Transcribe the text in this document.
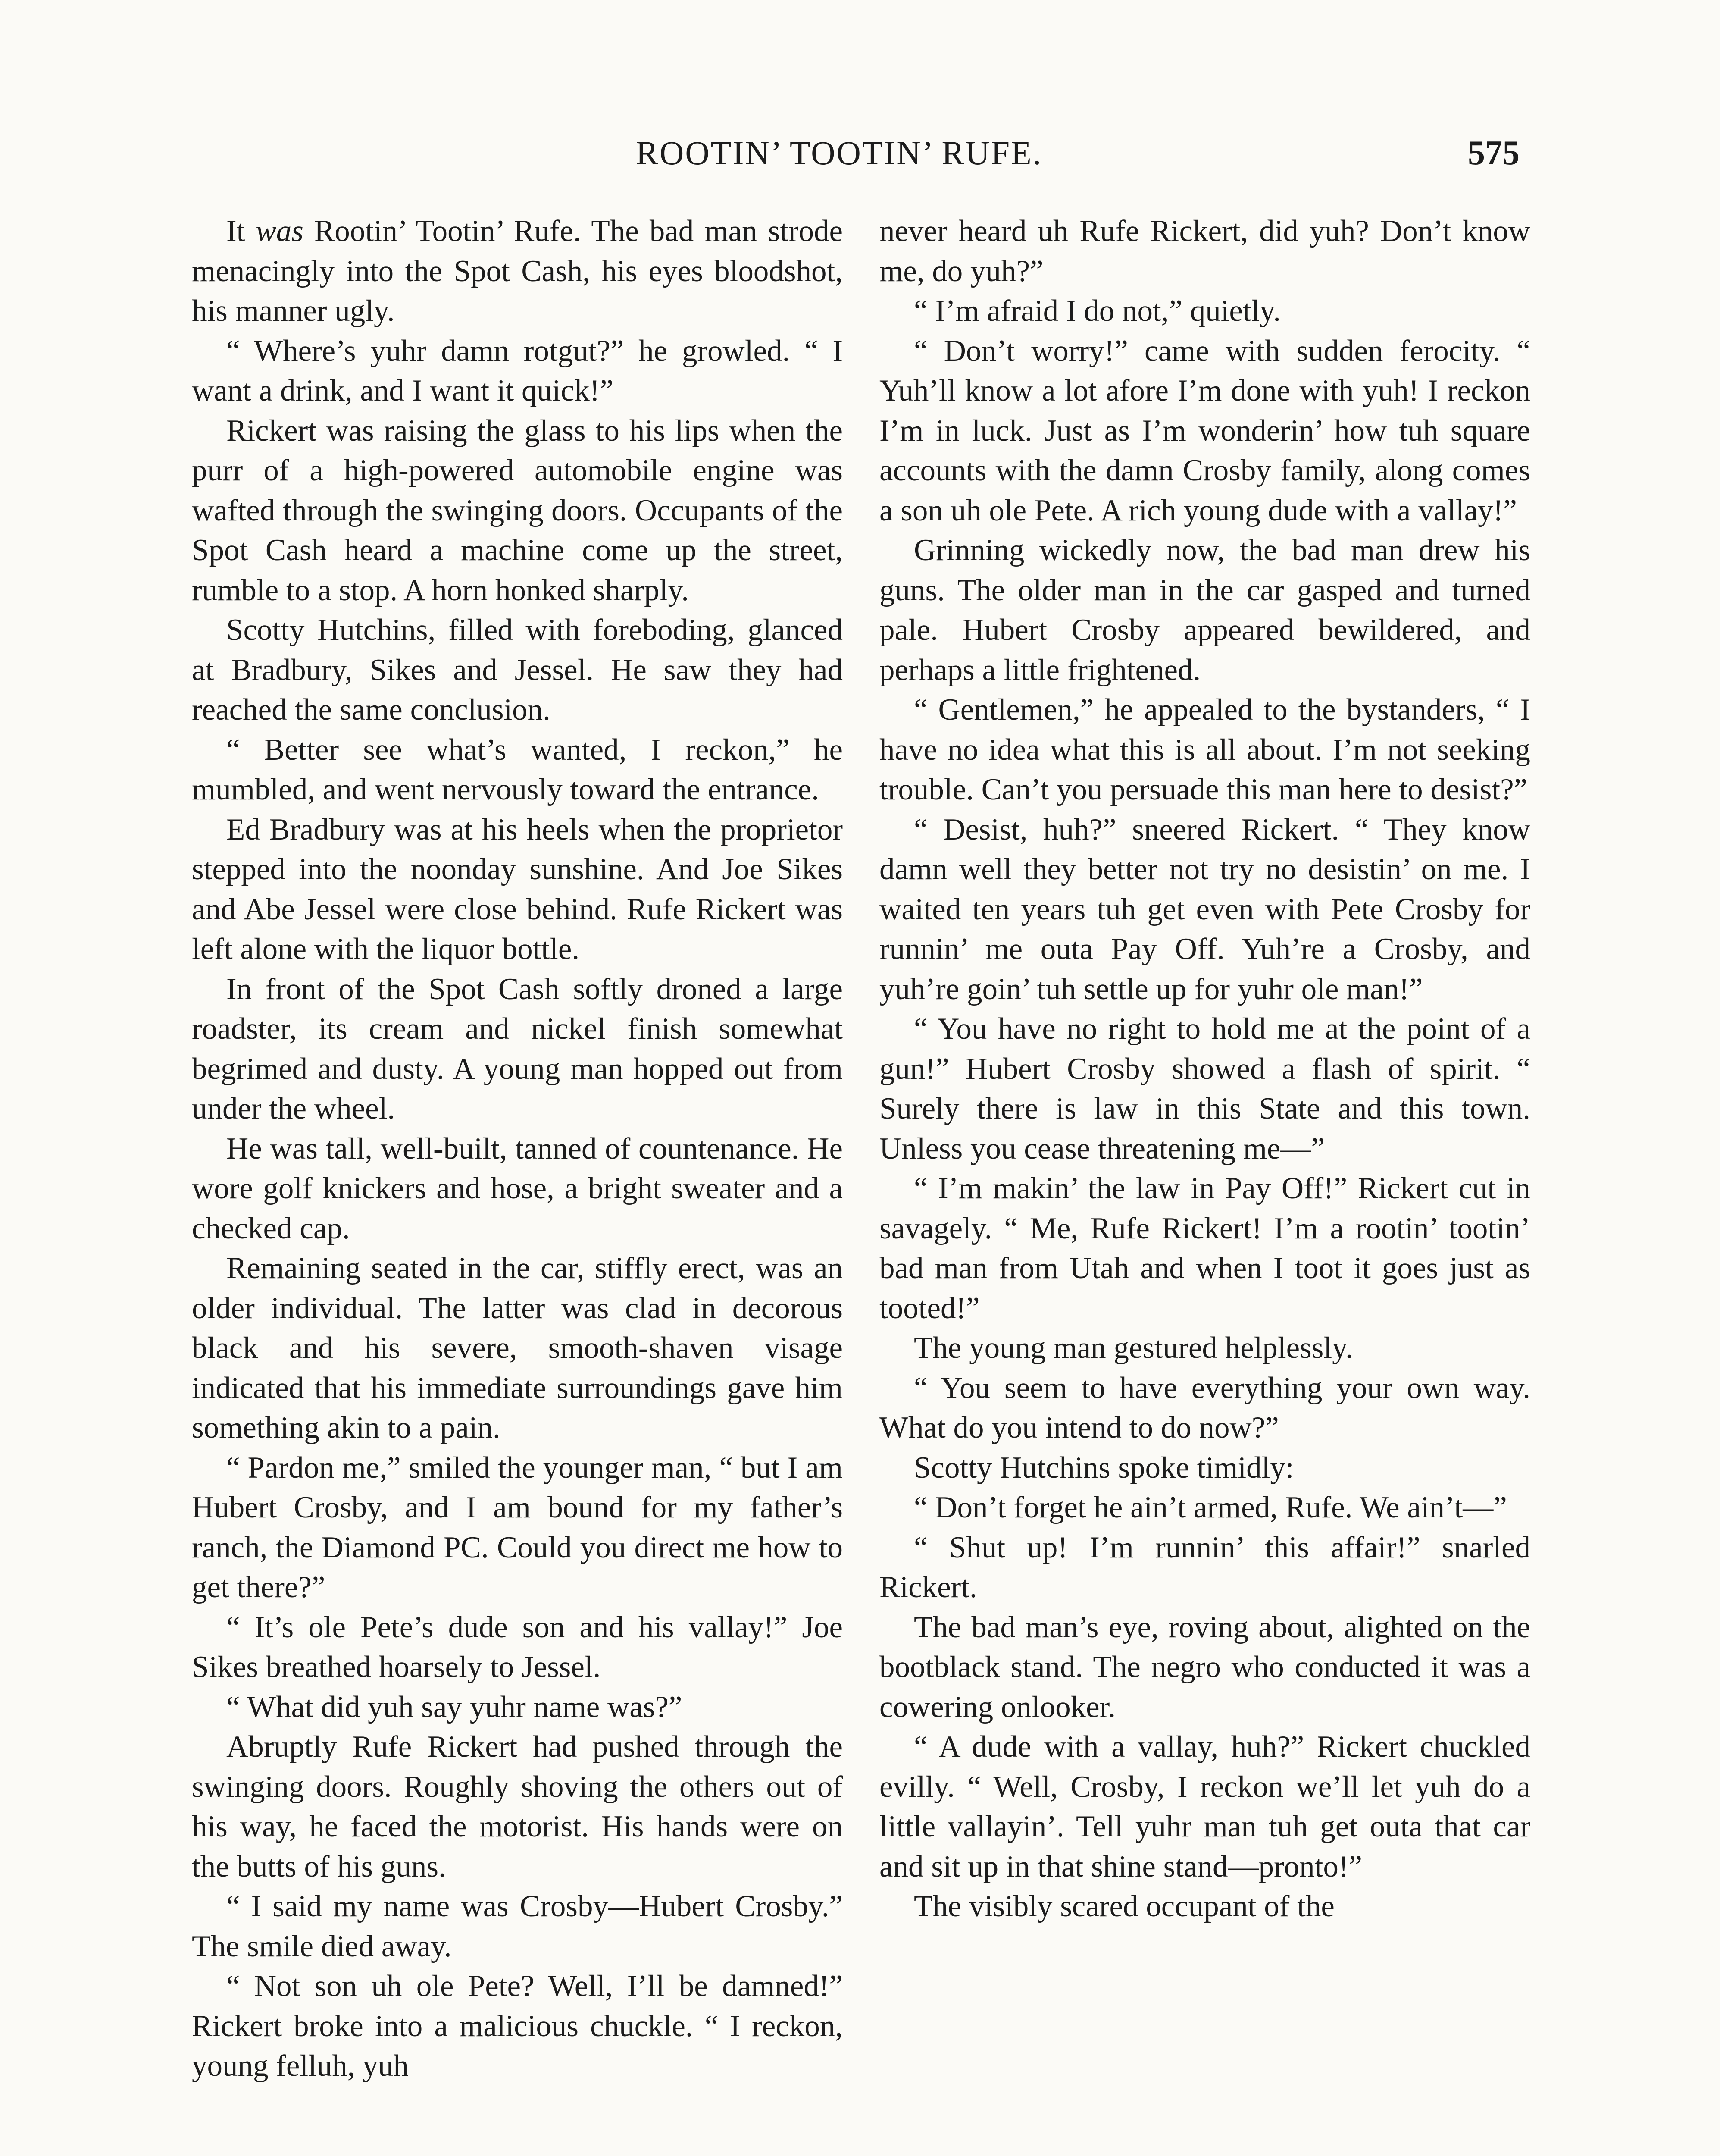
ROOTIN’ TOOTIN’ RUFE.	575

It was Rootin’ Tootin’ Rufe. The bad man strode menacingly into the Spot Cash, his eyes bloodshot, his manner ugly.

“ Where’s yuhr damn rotgut?” he growled. “ I want a drink, and I want it quick!”

Rickert was raising the glass to his lips when the purr of a high-powered automobile engine was wafted through the swinging doors. Occupants of the Spot Cash heard a machine come up the street, rumble to a stop. A horn honked sharply.

Scotty Hutchins, filled with foreboding, glanced at Bradbury, Sikes and Jessel. He saw they had reached the same conclusion.

“ Better see what’s wanted, I reckon,” he mumbled, and went nervously toward the entrance.

Ed Bradbury was at his heels when the proprietor stepped into the noonday sunshine. And Joe Sikes and Abe Jessel were close behind. Rufe Rickert was left alone with the liquor bottle.

In front of the Spot Cash softly droned a large roadster, its cream and nickel finish somewhat begrimed and dusty. A young man hopped out from under the wheel.

He was tall, well-built, tanned of countenance. He wore golf knickers and hose, a bright sweater and a checked cap.

Remaining seated in the car, stiffly erect, was an older individual. The latter was clad in decorous black and his severe, smooth-shaven visage indicated that his immediate surroundings gave him something akin to a pain.

“ Pardon me,” smiled the younger man, “ but I am Hubert Crosby, and I am bound for my father’s ranch, the Diamond PC. Could you direct me how to get there?”

“ It’s ole Pete’s dude son and his vallay!” Joe Sikes breathed hoarsely to Jessel.

“ What did yuh say yuhr name was?”

Abruptly Rufe Rickert had pushed through the swinging doors. Roughly shoving the others out of his way, he faced the motorist. His hands were on the butts of his guns.

“ I said my name was Crosby—Hubert Crosby.” The smile died away.

“ Not son uh ole Pete? Well, I’ll be damned!” Rickert broke into a malicious chuckle. “ I reckon, young felluh, yuh

never heard uh Rufe Rickert, did yuh? Don’t know me, do yuh?”

“ I’m afraid I do not,” quietly.

“ Don’t worry!” came with sudden ferocity. “ Yuh’ll know a lot afore I’m done with yuh! I reckon I’m in luck. Just as I’m wonderin’ how tuh square accounts with the damn Crosby family, along comes a son uh ole Pete. A rich young dude with a vallay!”

Grinning wickedly now, the bad man drew his guns. The older man in the car gasped and turned pale. Hubert Crosby appeared bewildered, and perhaps a little frightened.

“ Gentlemen,” he appealed to the bystanders, “ I have no idea what this is all about. I’m not seeking trouble. Can’t you persuade this man here to desist?”

“ Desist, huh?” sneered Rickert. “ They know damn well they better not try no desistin’ on me. I waited ten years tuh get even with Pete Crosby for runnin’ me outa Pay Off. Yuh’re a Crosby, and yuh’re goin’ tuh settle up for yuhr ole man!”

“ You have no right to hold me at the point of a gun!” Hubert Crosby showed a flash of spirit. “ Surely there is law in this State and this town. Unless you cease threatening me—”

“ I’m makin’ the law in Pay Off!” Rickert cut in savagely. “ Me, Rufe Rickert! I’m a rootin’ tootin’ bad man from Utah and when I toot it goes just as tooted!”

The young man gestured helplessly.

“ You seem to have everything your own way. What do you intend to do now?”

Scotty Hutchins spoke timidly:

“ Don’t forget he ain’t armed, Rufe. We ain’t—”

“ Shut up! I’m runnin’ this affair!” snarled Rickert.

The bad man’s eye, roving about, alighted on the bootblack stand. The negro who conducted it was a cowering onlooker.

“ A dude with a vallay, huh?” Rickert chuckled evilly. “ Well, Crosby, I reckon we’ll let yuh do a little vallayin’. Tell yuhr man tuh get outa that car and sit up in that shine stand—pronto!”

The visibly scared occupant of the
